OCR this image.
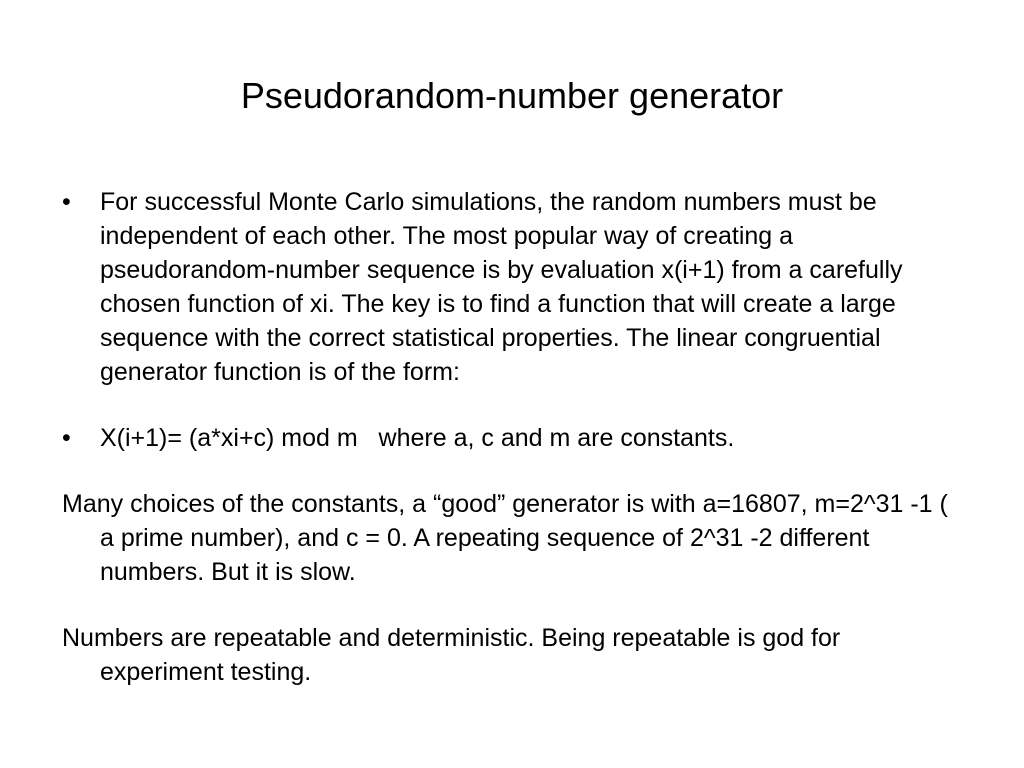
Pseudorandom-number generator
•	For successful Monte Carlo simulations, the random numbers must be independent of each other. The most popular way of creating a pseudorandom-number sequence is by evaluation x(i+1) from a carefully chosen function of xi. The key is to find a function that will create a large sequence with the correct statistical properties. The linear congruential generator function is of the form:
•	X(i+1)= (a*xi+c) mod m   where a, c and m are constants.

Many choices of the constants, a “good” generator is with a=16807, m=2^31 -1 ( a prime number), and c = 0. A repeating sequence of 2^31 -2 different numbers. But it is slow.

Numbers are repeatable and deterministic. Being repeatable is god for experiment testing.
